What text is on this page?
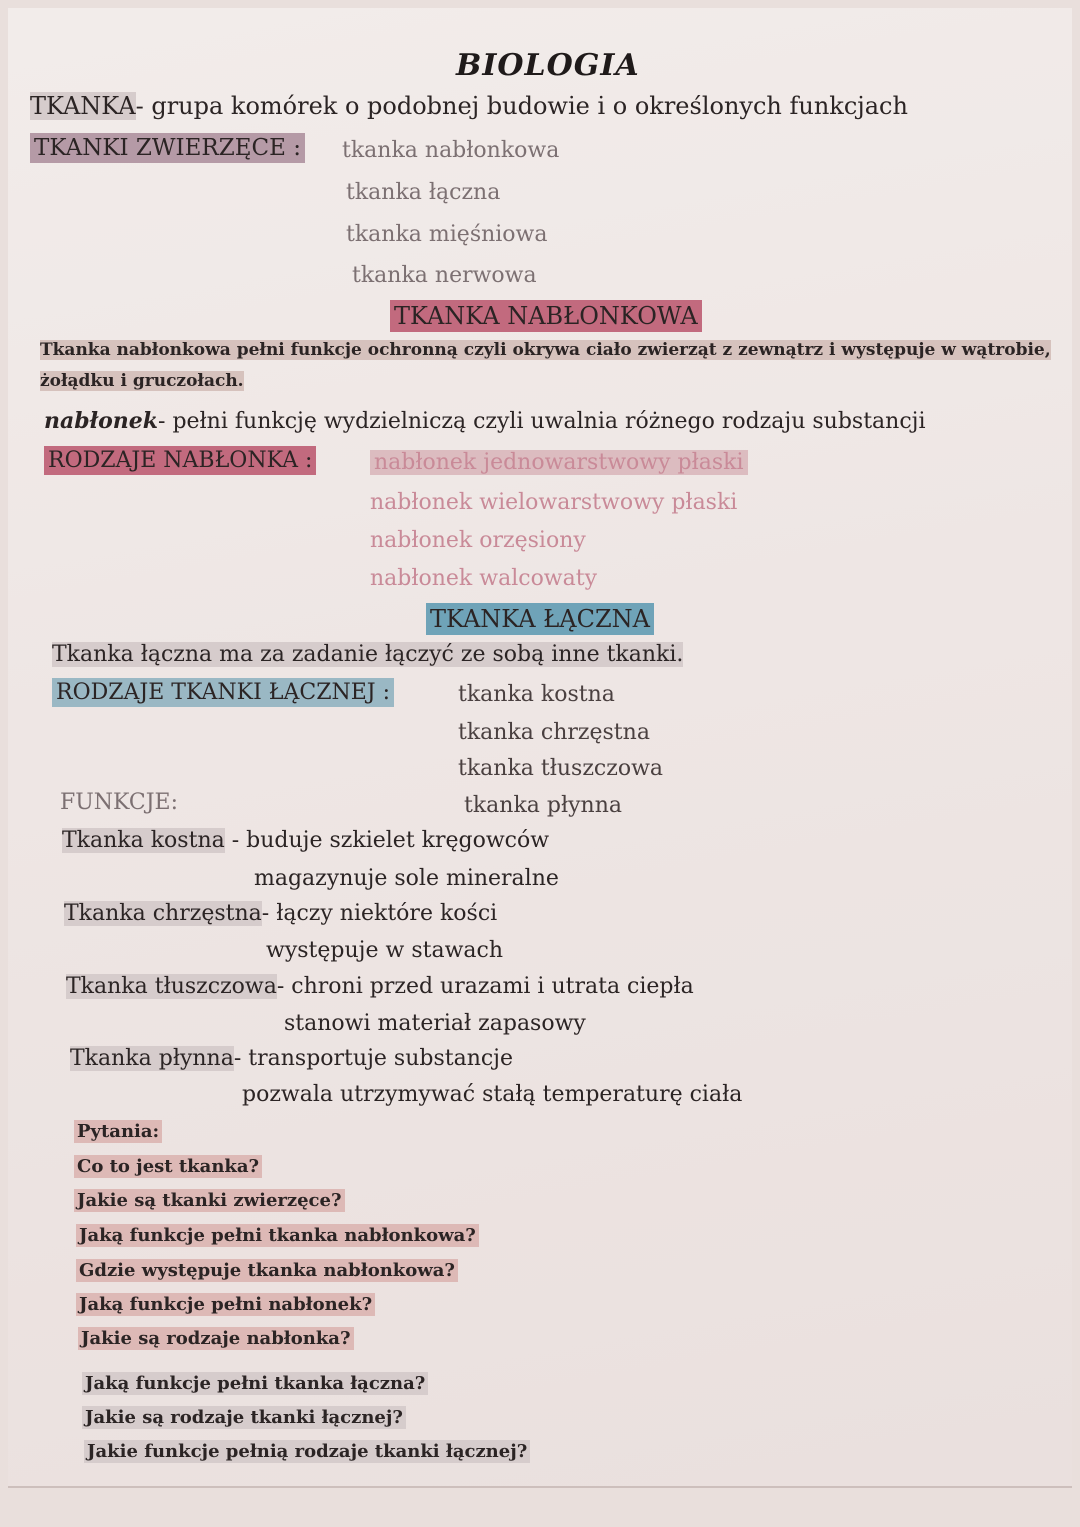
BIOLOGIA
TKANKA- grupa komórek o podobnej budowie i o określonych funkcjach
TKANKI ZWIERZĘCE : tkanka nabłonkowa
tkanka łączna
tkanka mięśniowa
tkanka nerwowa
TKANKA NABŁONKOWA
Tkanka nabłonkowa pełni funkcje ochronną czyli okrywa ciało zwierząt z zewnątrz i występuje w wątrobie,
żołądku i gruczołach.
nabłonek- pełni funkcję wydzielniczą czyli uwalnia różnego rodzaju substancji
RODZAJE NABŁONKA :	nabłonek jednowarstwowy płaski
nabłonek wielowarstwowy płaski
nabłonek orzęsiony
nabłonek walcowaty
TKANKA ŁĄCZNA
Tkanka łączna ma za zadanie łączyć ze sobą inne tkanki.
RODZAJE TKANKI ŁĄCZNEJ :	tkanka kostna
tkanka chrzęstna
tkanka tłuszczowa
tkanka płynna
FUNKCJE:
Tkanka kostna - buduje szkielet kręgowców
magazynuje sole mineralne
Tkanka chrzęstna- łączy niektóre kości
występuje w stawach
Tkanka tłuszczowa- chroni przed urazami i utrata ciepła
stanowi materiał zapasowy
Tkanka płynna- transportuje substancje
pozwala utrzymywać stałą temperaturę ciała
Pytania:
Co to jest tkanka?
Jakie są tkanki zwierzęce?
Jaką funkcje pełni tkanka nabłonkowa?
Gdzie występuje tkanka nabłonkowa?
Jaką funkcje pełni nabłonek?
Jakie są rodzaje nabłonka?
Jaką funkcje pełni tkanka łączna?
Jakie są rodzaje tkanki łącznej?
Jakie funkcje pełnią rodzaje tkanki łącznej?
